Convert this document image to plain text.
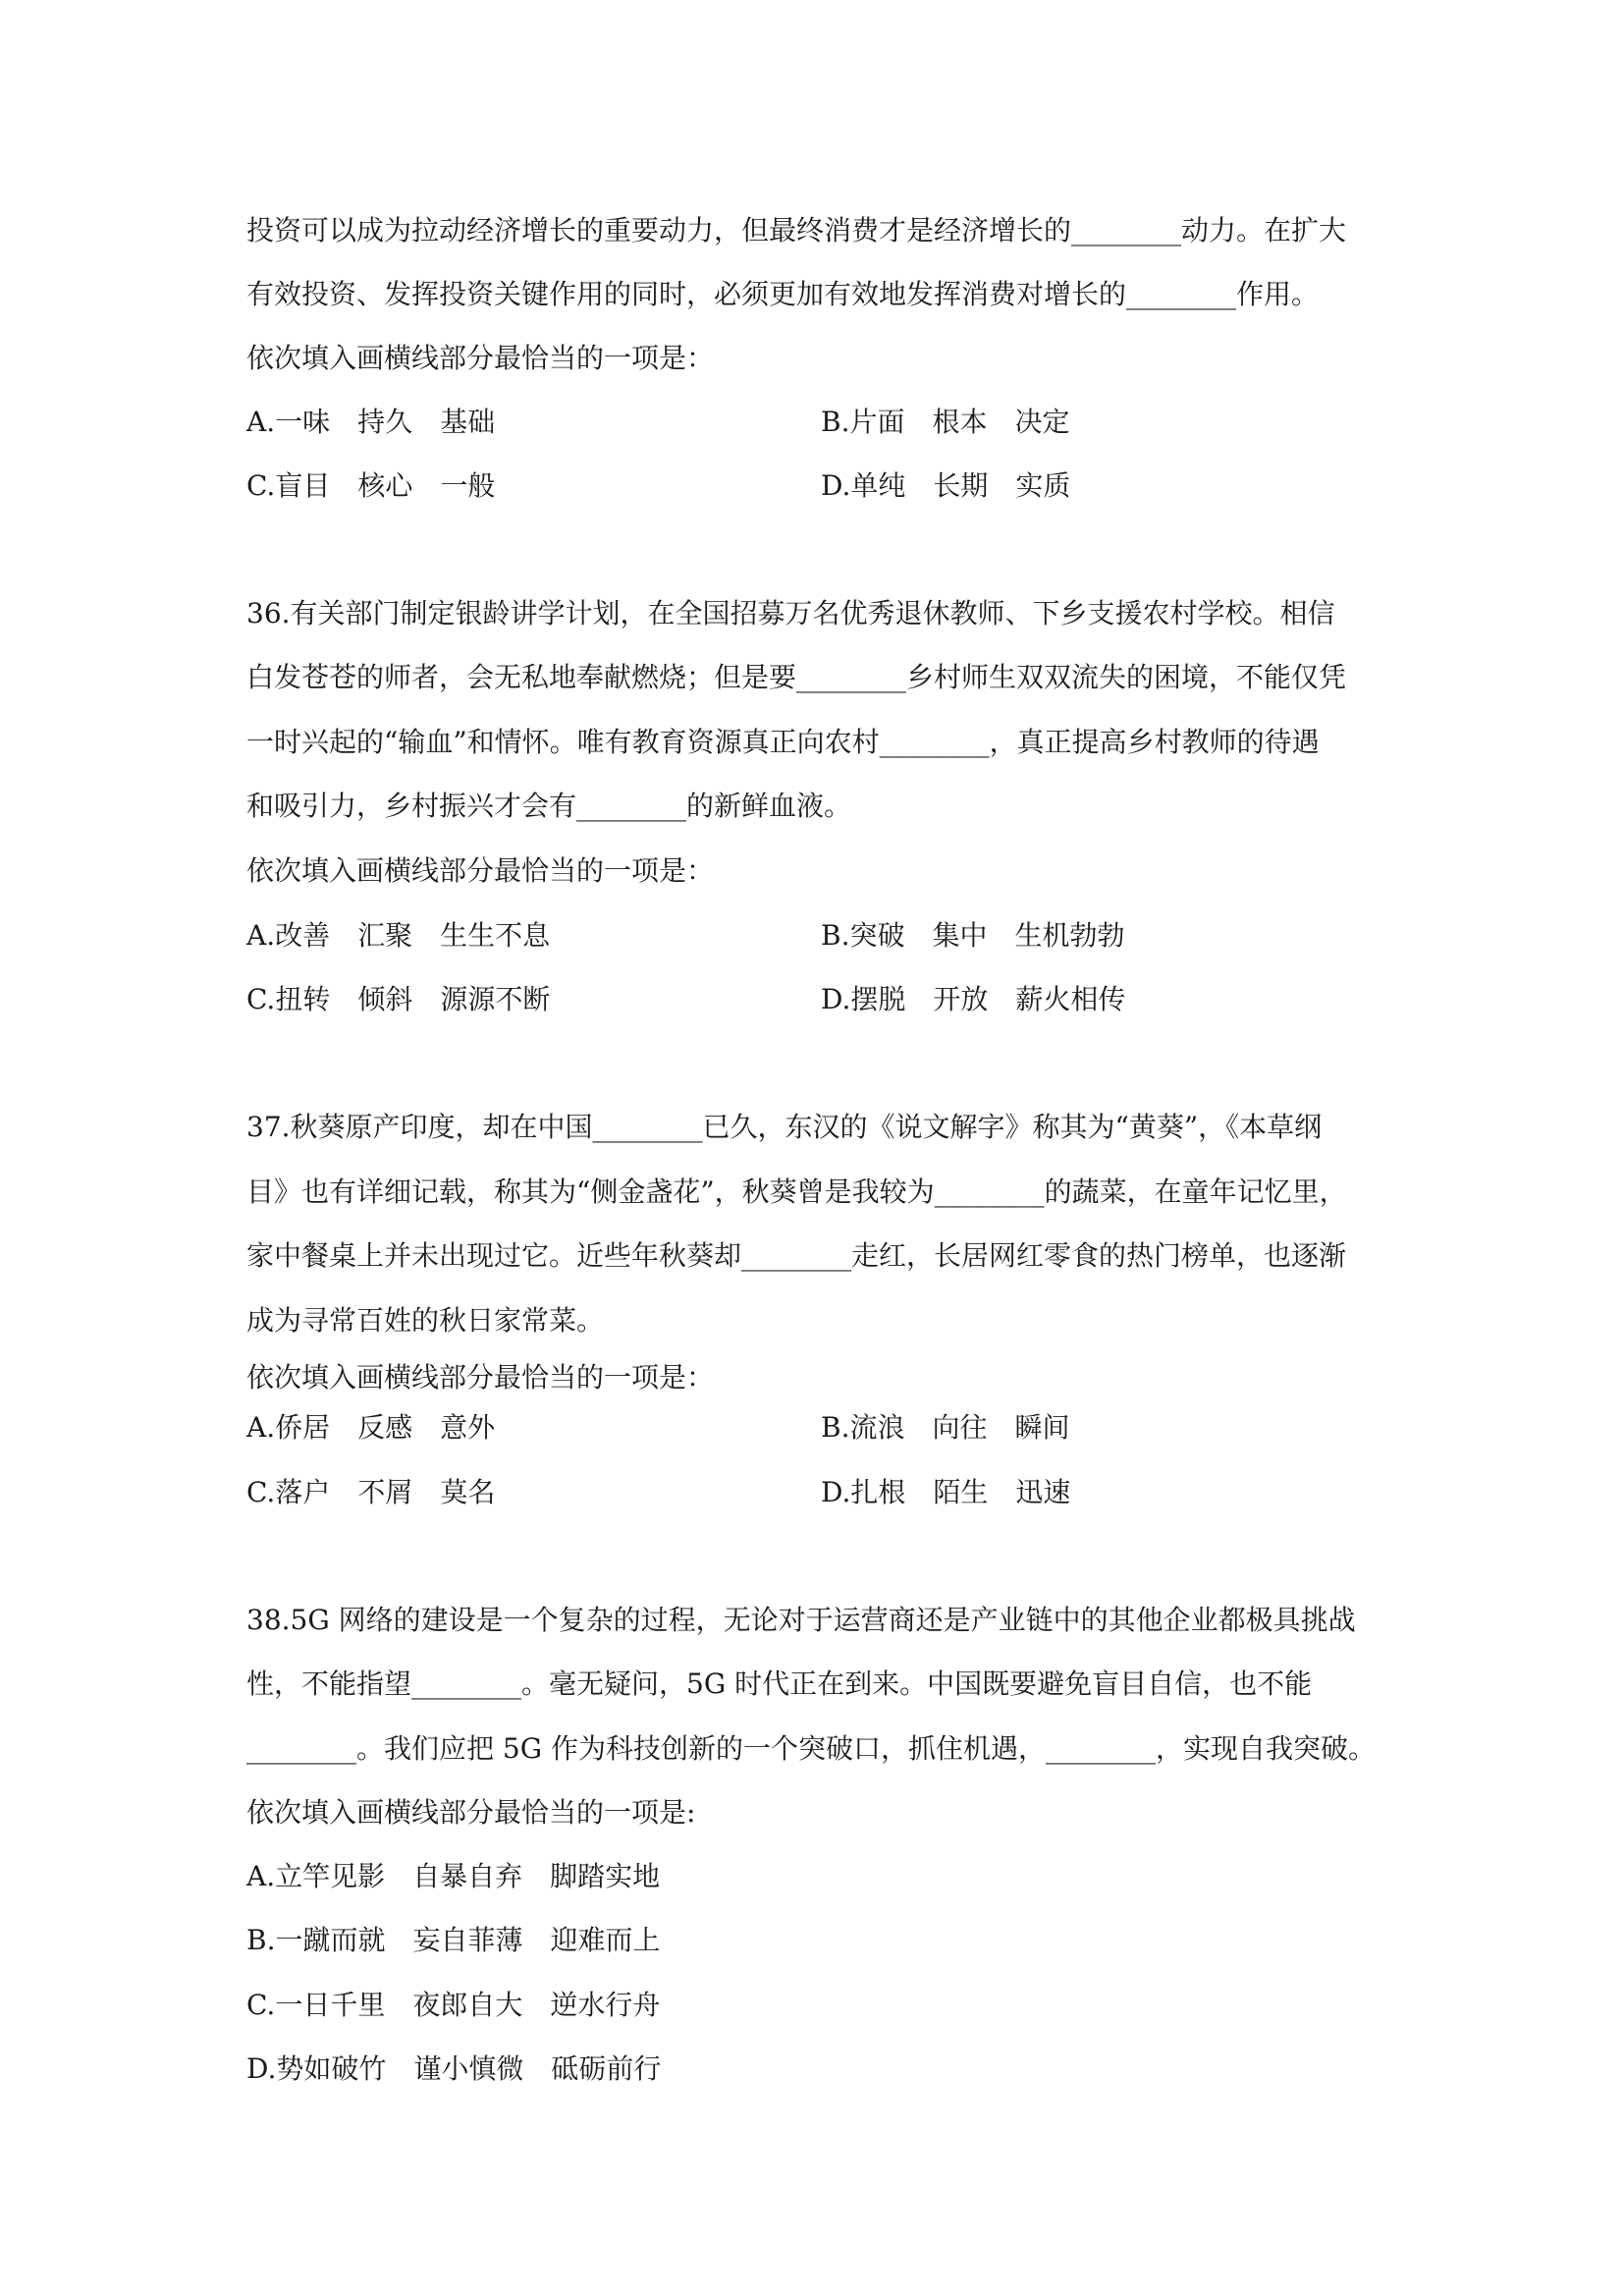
投资可以成为拉动经济增长的重要动力，但最终消费才是经济增长的________动力。在扩大

有效投资、发挥投资关键作用的同时，必须更加有效地发挥消费对增长的________作用。

依次填入画横线部分最恰当的一项是：

A.一味　持久　基础	B.片面　根本　决定

C.盲目　核心　一般	D.单纯　长期　实质

36.有关部门制定银龄讲学计划，在全国招募万名优秀退休教师、下乡支援农村学校。相信

白发苍苍的师者，会无私地奉献燃烧；但是要________乡村师生双双流失的困境，不能仅凭

一时兴起的“输血”和情怀。唯有教育资源真正向农村________，真正提高乡村教师的待遇

和吸引力，乡村振兴才会有________的新鲜血液。

依次填入画横线部分最恰当的一项是：

A.改善　汇聚　生生不息	B.突破　集中　生机勃勃

C.扭转　倾斜　源源不断	D.摆脱　开放　薪火相传

37.秋葵原产印度，却在中国________已久，东汉的《说文解字》称其为“黄葵”，《本草纲

目》也有详细记载，称其为“侧金盏花”，秋葵曾是我较为________的蔬菜，在童年记忆里，

家中餐桌上并未出现过它。近些年秋葵却________走红，长居网红零食的热门榜单，也逐渐

成为寻常百姓的秋日家常菜。

依次填入画横线部分最恰当的一项是：

A.侨居　反感　意外	B.流浪　向往　瞬间

C.落户　不屑　莫名	D.扎根　陌生　迅速

38.5G 网络的建设是一个复杂的过程，无论对于运营商还是产业链中的其他企业都极具挑战

性，不能指望________。毫无疑问，5G 时代正在到来。中国既要避免盲目自信，也不能

________。我们应把 5G 作为科技创新的一个突破口，抓住机遇，________，实现自我突破。

依次填入画横线部分最恰当的一项是:

A.立竿见影　自暴自弃　脚踏实地

B.一蹴而就　妄自菲薄　迎难而上

C.一日千里　夜郎自大　逆水行舟

D.势如破竹　谨小慎微　砥砺前行
